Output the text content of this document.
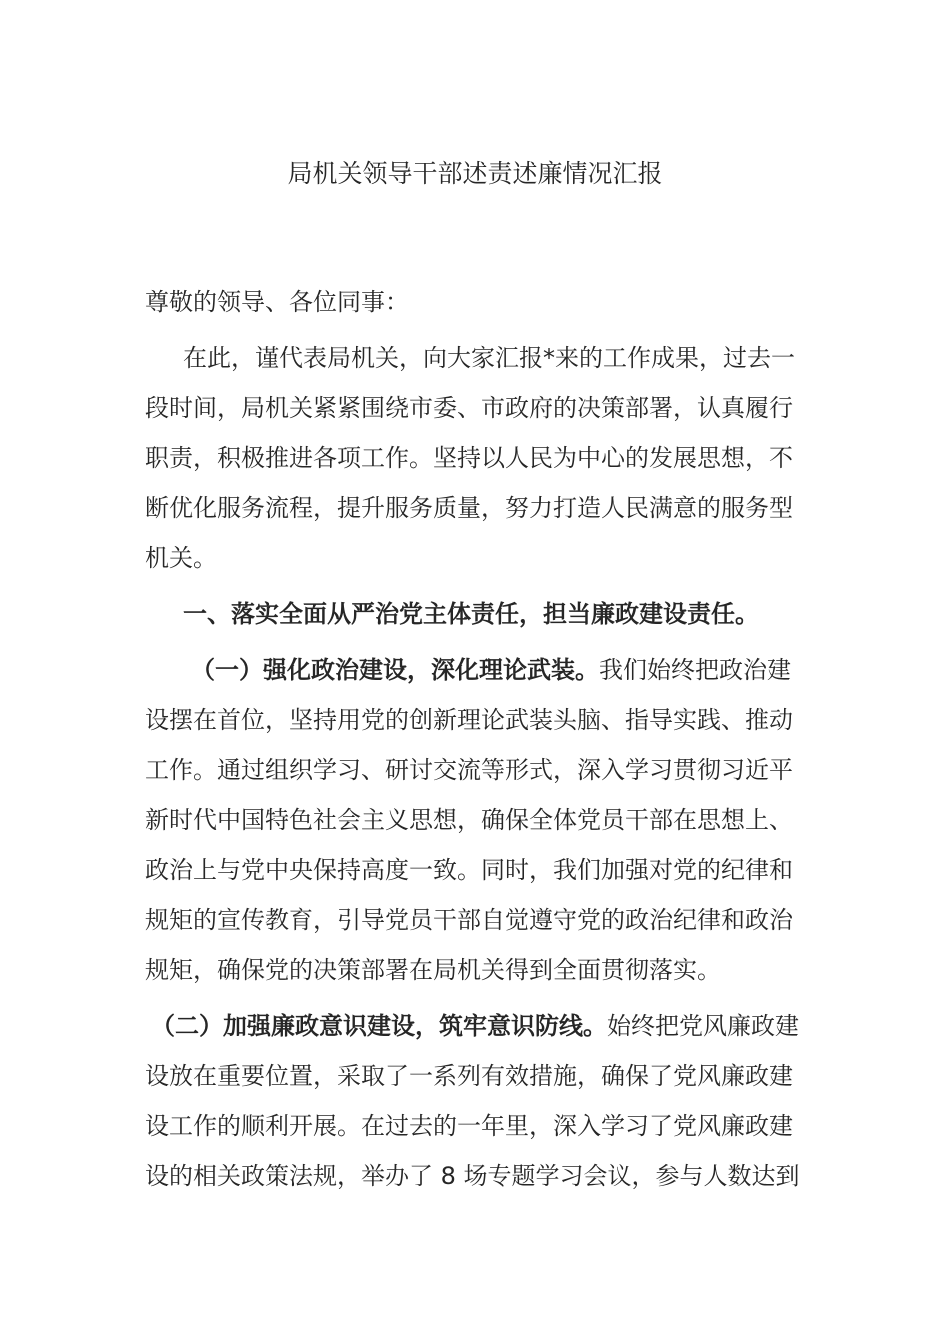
局机关领导干部述责述廉情况汇报

尊敬的领导、各位同事：

在此，谨代表局机关，向大家汇报*来的工作成果，过去一段时间，局机关紧紧围绕市委、市政府的决策部署，认真履行职责，积极推进各项工作。坚持以人民为中心的发展思想，不断优化服务流程，提升服务质量，努力打造人民满意的服务型机关。

一、落实全面从严治党主体责任，担当廉政建设责任。

（一）强化政治建设，深化理论武装。我们始终把政治建设摆在首位，坚持用党的创新理论武装头脑、指导实践、推动工作。通过组织学习、研讨交流等形式，深入学习贯彻习近平新时代中国特色社会主义思想，确保全体党员干部在思想上、政治上与党中央保持高度一致。同时，我们加强对党的纪律和规矩的宣传教育，引导党员干部自觉遵守党的政治纪律和政治规矩，确保党的决策部署在局机关得到全面贯彻落实。

（二）加强廉政意识建设，筑牢意识防线。始终把党风廉政建设放在重要位置，采取了一系列有效措施，确保了党风廉政建设工作的顺利开展。在过去的一年里，深入学习了党风廉政建设的相关政策法规，举办了 8 场专题学习会议，参与人数达到
